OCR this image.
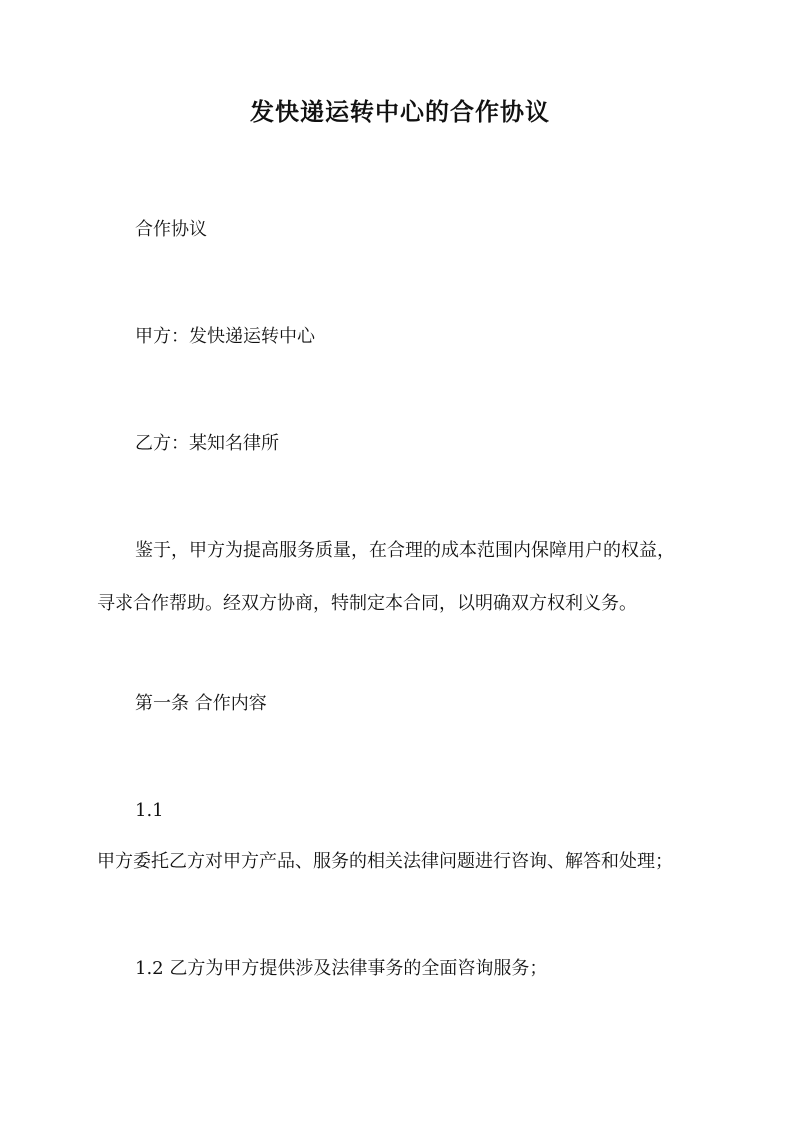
发快递运转中心的合作协议
合作协议
甲方：发快递运转中心
乙方：某知名律所
鉴于，甲方为提高服务质量，在合理的成本范围内保障用户的权益，
寻求合作帮助。经双方协商，特制定本合同，以明确双方权利义务。
第一条 合作内容
1.1
甲方委托乙方对甲方产品、服务的相关法律问题进行咨询、解答和处理；
1.2 乙方为甲方提供涉及法律事务的全面咨询服务；
